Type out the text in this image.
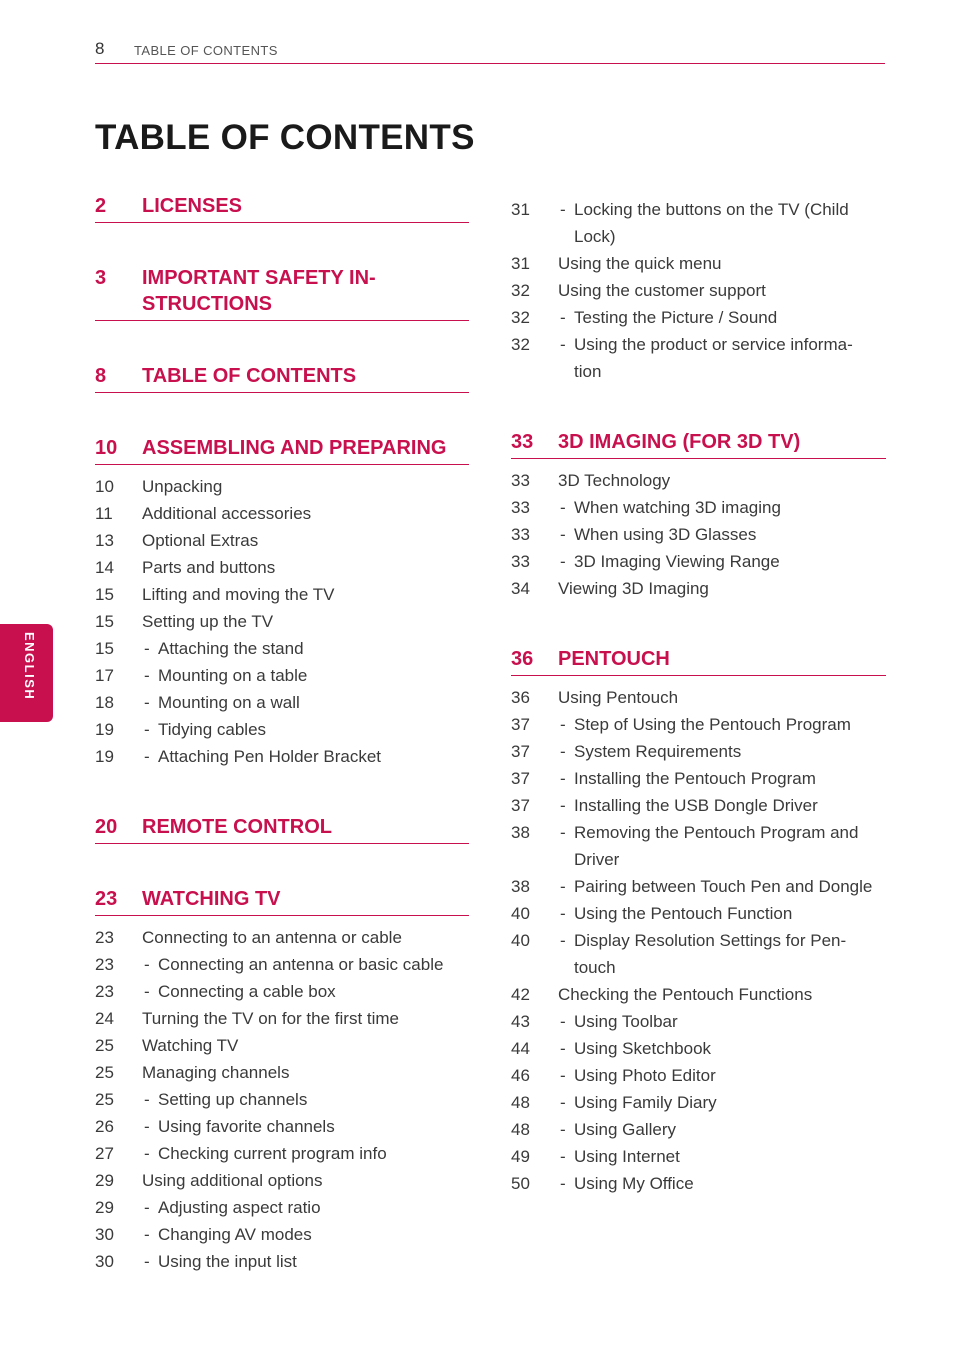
8 TABLE OF CONTENTS
TABLE OF CONTENTS
ENGLISH
2	LICENSES
3	IMPORTANT SAFETY IN-
STRUCTIONS
8	TABLE OF CONTENTS
10	ASSEMBLING AND PREPARING
10	Unpacking
11	Additional accessories
13	Optional Extras
14	Parts and buttons
15	Lifting and moving the TV
15	Setting up the TV
15	- Attaching the stand
17	- Mounting on a table
18	- Mounting on a wall
19	- Tidying cables
19	- Attaching Pen Holder Bracket
20	REMOTE CONTROL
23	WATCHING TV
23	Connecting to an antenna or cable
23	- Connecting an antenna or basic cable
23	- Connecting a cable box
24	Turning the TV on for the first time
25	Watching TV
25	Managing channels
25	- Setting up channels
26	- Using favorite channels
27	- Checking current program info
29	Using additional options
29	- Adjusting aspect ratio
30	- Changing AV modes
30	- Using the input list
31	- Locking the buttons on the TV (Child
Lock)
31	Using the quick menu
32	Using the customer support
32	- Testing the Picture / Sound
32	- Using the product or service informa-
tion
33	3D IMAGING (FOR 3D TV)
33	3D Technology
33	- When watching 3D imaging
33	- When using 3D Glasses
33	- 3D Imaging Viewing Range
34	Viewing 3D Imaging
36	PENTOUCH
36	Using Pentouch
37	- Step of Using the Pentouch Program
37	- System Requirements
37	- Installing the Pentouch Program
37	- Installing the USB Dongle Driver
38	- Removing the Pentouch Program and
Driver
38	- Pairing between Touch Pen and Dongle
40	- Using the Pentouch Function
40	- Display Resolution Settings for Pen-
touch
42	Checking the Pentouch Functions
43	- Using Toolbar
44	- Using Sketchbook
46	- Using Photo Editor
48	- Using Family Diary
48	- Using Gallery
49	- Using Internet
50	- Using My Office
